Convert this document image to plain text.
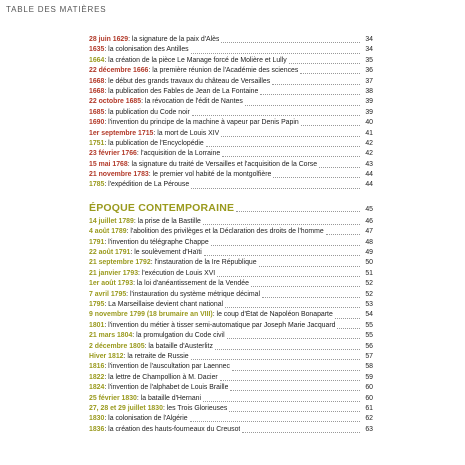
TABLE DES MATIÈRES
28 juin 1629 : la signature de la paix d'Alès	34
1635 : la colonisation des Antilles	34
1664 : la création de la pièce Le Manage forcé de Molière et Lully	35
22 décembre 1666 : la première réunion de l'Académie des sciences	36
1668 : le début des grands travaux du château de Versailles	37
1668 : la publication des Fables de Jean de La Fontaine	38
22 octobre 1685 : la révocation de l'édit de Nantes	39
1685 : la publication du Code noir	39
1690 : l'invention du principe de la machine à vapeur par Denis Papin	40
1er septembre 1715 : la mort de Louis XIV	41
1751 : la publication de l'Encyclopédie	42
23 février 1766 : l'acquisition de la Lorraine	42
15 mai 1768 : la signature du traité de Versailles et l'acquisition de la Corse	43
21 novembre 1783 : le premier vol habité de la montgolfière	44
1785 : l'expédition de La Pérouse	44
ÉPOQUE CONTEMPORAINE	45
14 juillet 1789 : la prise de la Bastille	46
4 août 1789 : l'abolition des privilèges et la Déclaration des droits de l'homme	47
1791 : l'invention du télégraphe Chappe	48
22 août 1791 : le soulèvement d'Haïti	49
21 septembre 1792 : l'instauration de la Ire République	50
21 janvier 1793 : l'exécution de Louis XVI	51
1er août 1793 : la loi d'anéantissement de la Vendée	52
7 avril 1795 : l'instauration du système métrique décimal	52
1795 : La Marseillaise devient chant national	53
9 novembre 1799 (18 brumaire an VIII) : le coup d'État de Napoléon Bonaparte	54
1801 : l'invention du métier à tisser semi-automatique par Joseph Marie Jacquard	55
21 mars 1804 : la promulgation du Code civil	55
2 décembre 1805 : la bataille d'Austerlitz	56
Hiver 1812 : la retraite de Russie	57
1816 : l'invention de l'auscultation par Laennec	58
1822 : la lettre de Champollion à M. Dacier	59
1824 : l'invention de l'alphabet de Louis Braille	60
25 février 1830 : la bataille d'Hernani	60
27, 28 et 29 juillet 1830 : les Trois Glorieuses	61
1830 : la colonisation de l'Algérie	62
1836 : la création des hauts-fourneaux du Creusot	63
